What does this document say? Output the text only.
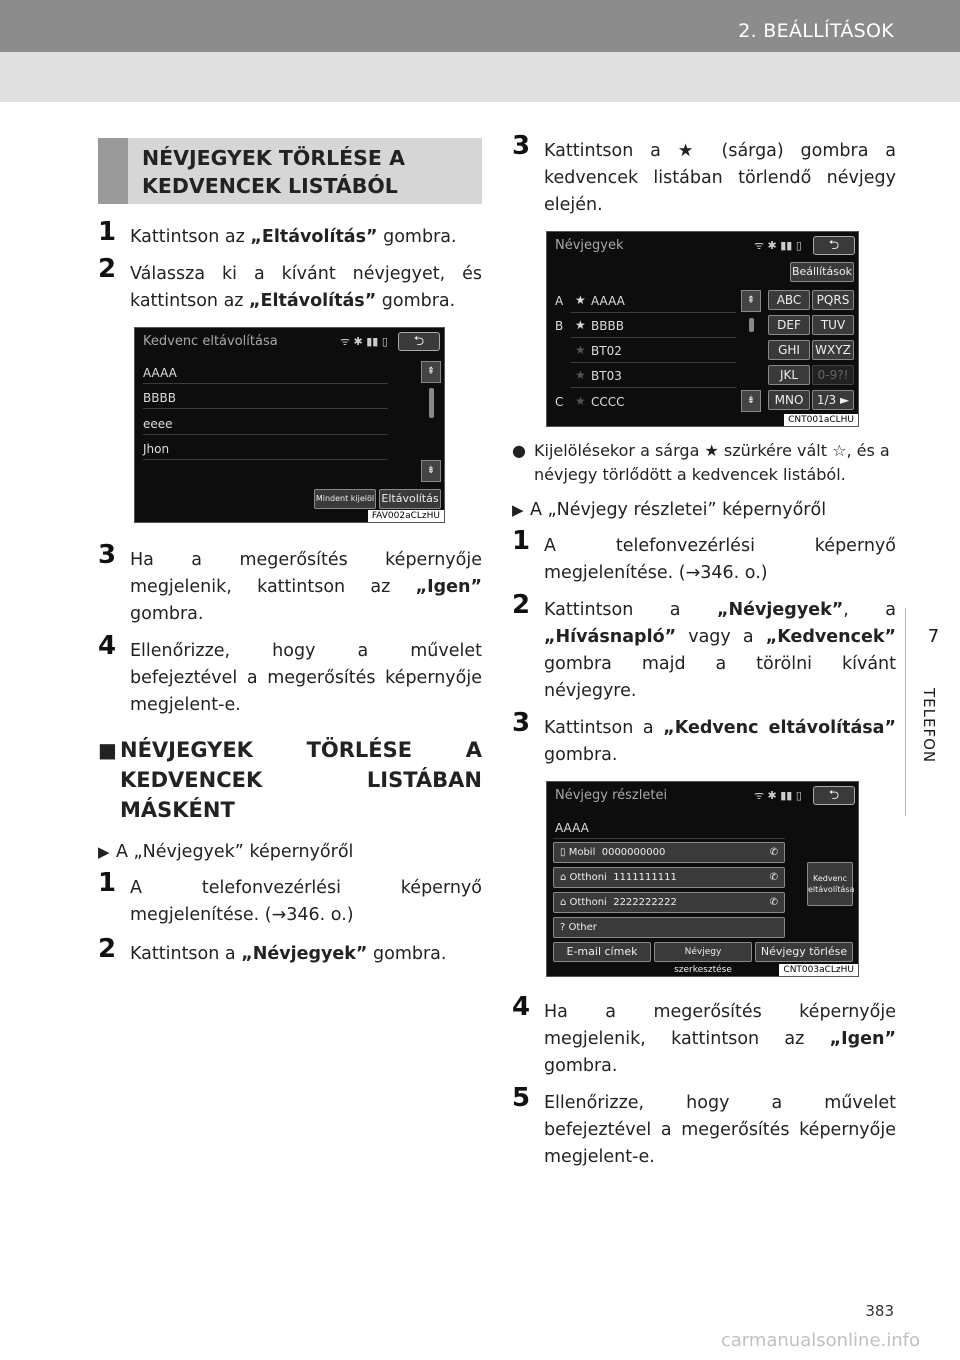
2. BEÁLLÍTÁSOK
7
TELEFON
NÉVJEGYEK TÖRLÉSE A
KEDVENCEK LISTÁBÓL
1 Kattintson az „Eltávolítás” gombra.
2 Válassza ki a kívánt névjegyet, és kattintson az „Eltávolítás” gombra.
Kedvenc eltávolítása	ᯤ ✱ ▮▮ ▯	⮌
AAAA
BBBB
eeee
Jhon
⇞
⇟
Mindent kijelöl Eltávolítás
FAV002aCLzHU
3 Ha a megerősítés képernyője megjelenik, kattintson az „Igen” gombra.
4 Ellenőrizze, hogy a művelet befejeztével a megerősítés képernyője megjelent-e.
■ NÉVJEGYEK TÖRLÉSE A KEDVENCEK LISTÁBAN MÁSKÉNT
▶ A „Névjegyek” képernyőről
1 A telefonvezérlési képernyő megjelenítése. (→346. o.)
2 Kattintson a „Névjegyek” gombra.
3 Kattintson a ★ (sárga) gombra a kedvencek listában törlendő névjegy elején.
Névjegyek	ᯤ ✱ ▮▮ ▯	⮌
Beállítások
A ★ AAAA
B ★ BBBB
★ BT02
★ BT03
C ★ CCCC
⇞
⇟
ABC	PQRS
DEF	TUV
GHI	WXYZ
JKL	0-9?!
MNO	1/3 ►
CNT001aCLHU
● Kijelölésekor a sárga ★ szürkére vált ☆, és a névjegy törlődött a kedvencek listából.
▶ A „Névjegy részletei” képernyőről
1 A telefonvezérlési képernyő megjelenítése. (→346. o.)
2 Kattintson a „Névjegyek”, a „Hívásnapló” vagy a „Kedvencek” gombra majd a törölni kívánt névjegyre.
3 Kattintson a „Kedvenc eltávolítása” gombra.
Névjegy részletei	ᯤ ✱ ▮▮ ▯	⮌
AAAA
▯ Mobil 0000000000	✆
⌂ Otthoni 1111111111	✆
⌂ Otthoni 2222222222	✆
? Other
Kedvenc
eltávolítása
E-mail címek	Névjegy szerkesztése
Névjegy törlése
CNT003aCLzHU
4 Ha a megerősítés képernyője megjelenik, kattintson az „Igen” gombra.
5 Ellenőrizze, hogy a művelet befejeztével a megerősítés képernyője megjelent-e.
383
carmanualsonline.info
